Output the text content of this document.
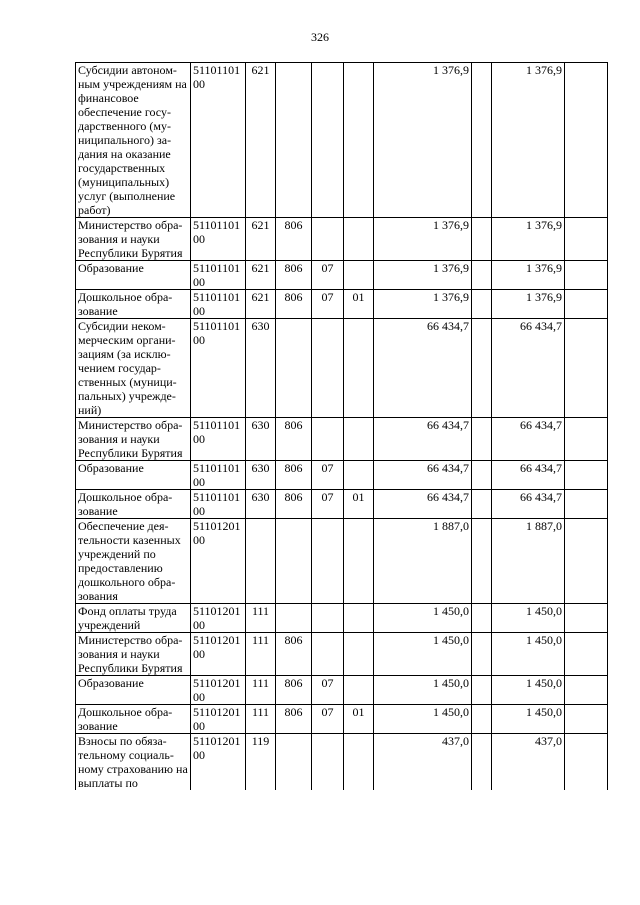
326
Субсидии автоном-ным учреждениям на финансовое обеспечение госу-дарственного (му-ниципального) за-дания на оказание государственных (муниципальных) услуг (выполнение работ)	5110110100	621				1 376,9		1 376,9	
Министерство обра-зования и науки Республики Бурятия	5110110100	621	806			1 376,9		1 376,9	
Образование	5110110100	621	806	07		1 376,9		1 376,9	
Дошкольное обра-зование	5110110100	621	806	07	01	1 376,9		1 376,9	
Субсидии неком-мерческим органи-зациям (за исклю-чением государ-ственных (муници-пальных) учрежде-ний)	5110110100	630				66 434,7		66 434,7	
Министерство обра-зования и науки Республики Бурятия	5110110100	630	806			66 434,7		66 434,7	
Образование	5110110100	630	806	07		66 434,7		66 434,7	
Дошкольное обра-зование	5110110100	630	806	07	01	66 434,7		66 434,7	
Обеспечение дея-тельности казенных учреждений по предоставлению дошкольного обра-зования	5110120100					1 887,0		1 887,0	
Фонд оплаты труда учреждений	5110120100	111				1 450,0		1 450,0	
Министерство обра-зования и науки Республики Бурятия	5110120100	111	806			1 450,0		1 450,0	
Образование	5110120100	111	806	07		1 450,0		1 450,0	
Дошкольное обра-зование	5110120100	111	806	07	01	1 450,0		1 450,0	
Взносы по обяза-тельному социаль-ному страхованию на выплаты по	5110120100	119				437,0		437,0	
